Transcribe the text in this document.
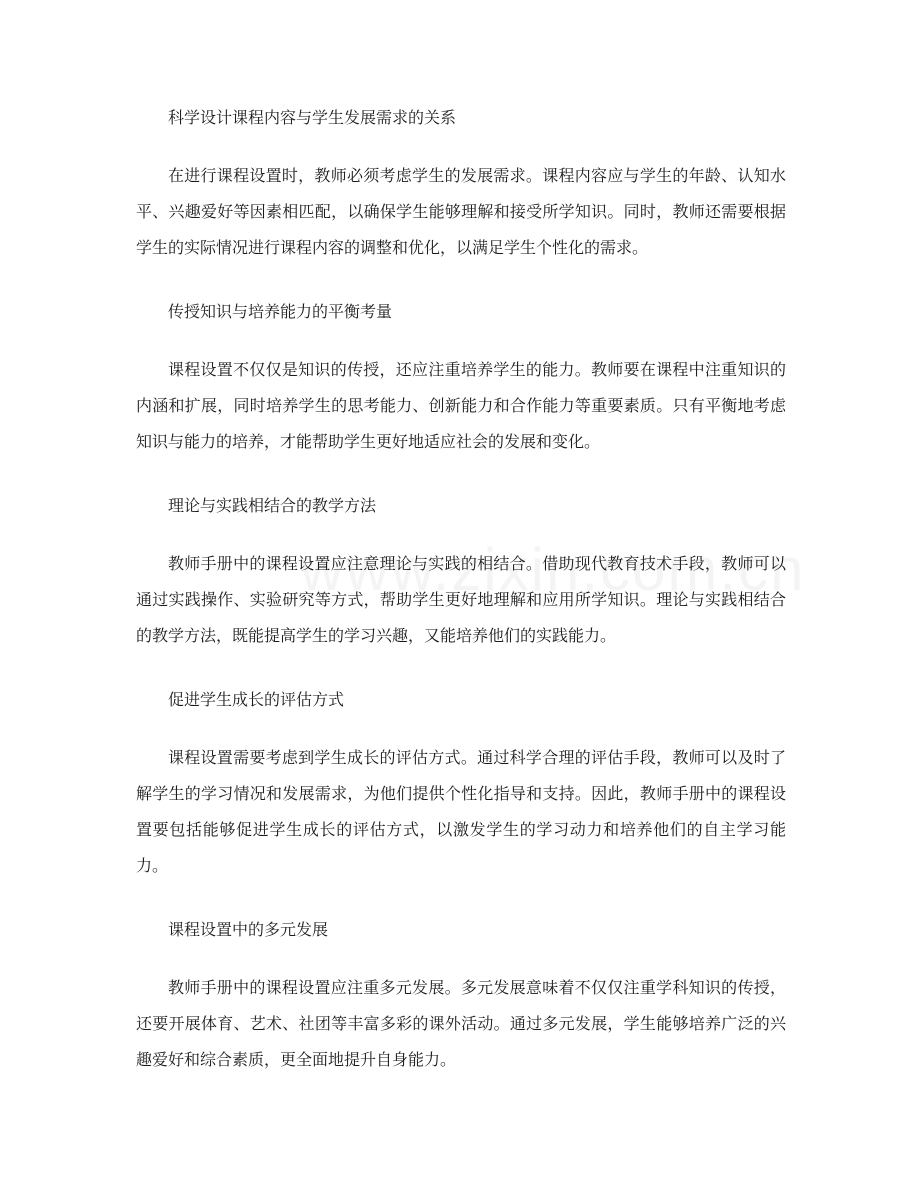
科学设计课程内容与学生发展需求的关系

在进行课程设置时，教师必须考虑学生的发展需求。课程内容应与学生的年龄、认知水平、兴趣爱好等因素相匹配，以确保学生能够理解和接受所学知识。同时，教师还需要根据学生的实际情况进行课程内容的调整和优化，以满足学生个性化的需求。

传授知识与培养能力的平衡考量

课程设置不仅仅是知识的传授，还应注重培养学生的能力。教师要在课程中注重知识的内涵和扩展，同时培养学生的思考能力、创新能力和合作能力等重要素质。只有平衡地考虑知识与能力的培养，才能帮助学生更好地适应社会的发展和变化。

理论与实践相结合的教学方法

教师手册中的课程设置应注意理论与实践的相结合。借助现代教育技术手段，教师可以通过实践操作、实验研究等方式，帮助学生更好地理解和应用所学知识。理论与实践相结合的教学方法，既能提高学生的学习兴趣，又能培养他们的实践能力。

促进学生成长的评估方式

课程设置需要考虑到学生成长的评估方式。通过科学合理的评估手段，教师可以及时了解学生的学习情况和发展需求，为他们提供个性化指导和支持。因此，教师手册中的课程设置要包括能够促进学生成长的评估方式，以激发学生的学习动力和培养他们的自主学习能力。

课程设置中的多元发展

教师手册中的课程设置应注重多元发展。多元发展意味着不仅仅注重学科知识的传授，还要开展体育、艺术、社团等丰富多彩的课外活动。通过多元发展，学生能够培养广泛的兴趣爱好和综合素质，更全面地提升自身能力。
